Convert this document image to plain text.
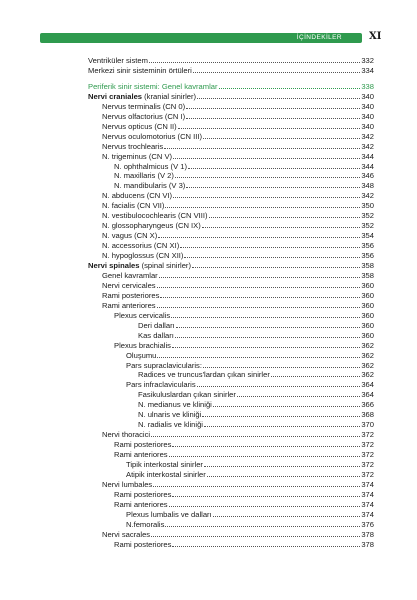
İÇİNDEKİLER	XI
Ventriküler sistem	332
Merkezi sinir sisteminin örtüleri	334
Periferik sinir sistemi: Genel kavramlar	338
Nervi craniales (kranial sinirler)	340
Nervus terminalis (CN 0)	340
Nervus olfactorius (CN I)	340
Nervus opticus (CN II)	340
Nervus oculomotorius (CN III)	342
Nervus trochlearis	342
N. trigeminus (CN V)	344
N. ophthalmicus (V 1)	344
N. maxillaris (V 2)	346
N. mandibularis (V 3)	348
N. abducens (CN VI)	342
N. facialis (CN VII)	350
N. vestibulocochlearis (CN VIII)	352
N. glossopharyngeus (CN IX)	352
N. vagus (CN X)	354
N. accessorius (CN XI)	356
N. hypoglossus (CN XII)	356
Nervi spinales (spinal sinirler)	358
Genel kavramlar	358
Nervi cervicales	360
Rami posteriores	360
Rami anteriores	360
Plexus cervicalis	360
Deri dalları	360
Kas dalları	360
Plexus brachialis	362
Oluşumu	362
Pars supraclavicularis:	362
Radices ve truncus'lardan çıkan sinirler	362
Pars infraclavicularis	364
Fasikuluslardan çıkan sinirler	364
N. medianus ve kliniği	366
N. ulnaris ve kliniği	368
N. radialis ve kliniği	370
Nervi thoracici	372
Rami posteriores	372
Rami anteriores	372
Tipik interkostal sinirler	372
Atipik interkostal sinirler	372
Nervi lumbales	374
Rami posteriores	374
Rami anteriores	374
Plexus lumbalis ve dalları	374
N.femoralis	376
Nervi sacrales	378
Rami posteriores	378
